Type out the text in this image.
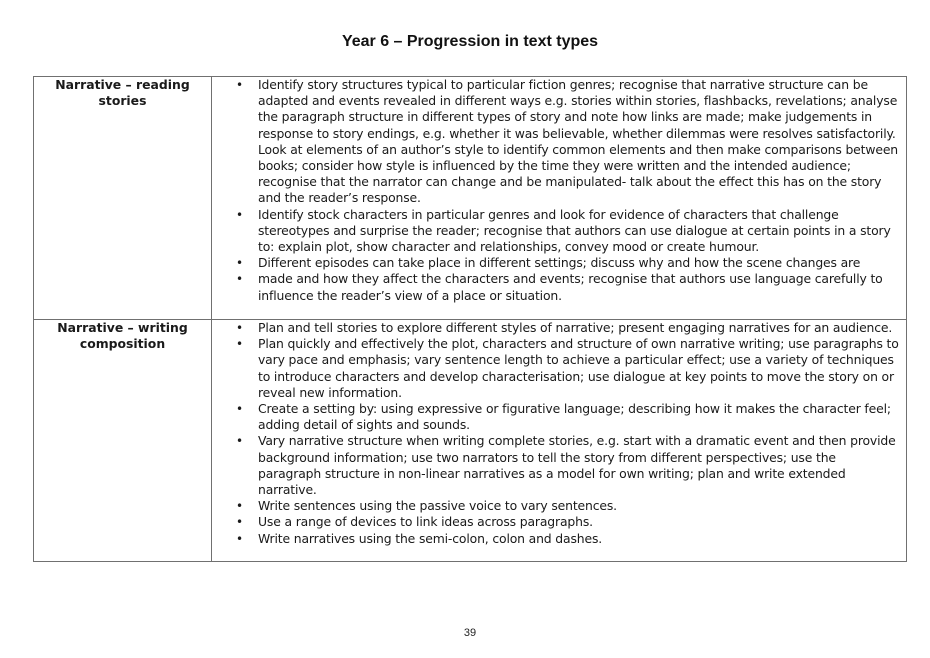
Year 6 – Progression in text types
Narrative – reading stories	
• Identify story structures typical to particular fiction genres; recognise that narrative structure can be adapted and events revealed in different ways e.g. stories within stories, flashbacks, revelations; analyse the paragraph structure in different types of story and note how links are made; make judgements in response to story endings, e.g. whether it was believable, whether dilemmas were resolves satisfactorily.
Look at elements of an author’s style to identify common elements and then make comparisons between books; consider how style is influenced by the time they were written and the intended audience; recognise that the narrator can change and be manipulated- talk about the effect this has on the story and the reader’s response.
• Identify stock characters in particular genres and look for evidence of characters that challenge stereotypes and surprise the reader; recognise that authors can use dialogue at certain points in a story to: explain plot, show character and relationships, convey mood or create humour.
• Different episodes can take place in different settings; discuss why and how the scene changes are
• made and how they affect the characters and events; recognise that authors use language carefully to influence the reader’s view of a place or situation.

Narrative – writing composition	
• Plan and tell stories to explore different styles of narrative; present engaging narratives for an audience.
• Plan quickly and effectively the plot, characters and structure of own narrative writing; use paragraphs to vary pace and emphasis; vary sentence length to achieve a particular effect; use a variety of techniques to introduce characters and develop characterisation; use dialogue at key points to move the story on or reveal new information.
• Create a setting by: using expressive or figurative language; describing how it makes the character feel; adding detail of sights and sounds.
• Vary narrative structure when writing complete stories, e.g. start with a dramatic event and then provide background information; use two narrators to tell the story from different perspectives; use the paragraph structure in non-linear narratives as a model for own writing; plan and write extended narrative.
• Write sentences using the passive voice to vary sentences.
• Use a range of devices to link ideas across paragraphs.
• Write narratives using the semi-colon, colon and dashes.
39
